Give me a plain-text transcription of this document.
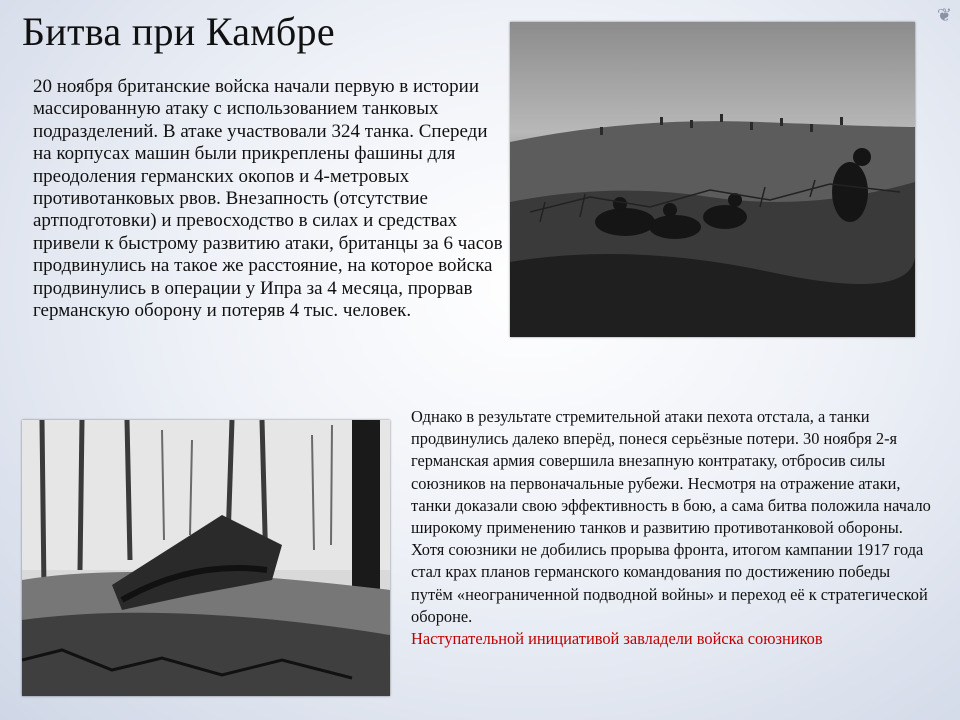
Битва при Камбре	❦

20 ноября британские войска начали первую в истории массированную атаку с использованием танковых подразделений. В атаке участвовали 324 танка. Спереди на корпусах машин были прикреплены фашины для преодоления германских окопов и 4-метровых противотанковых рвов. Внезапность (отсутствие артподготовки) и превосходство в силах и средствах привели к быстрому развитию атаки, британцы за 6 часов продвинулись на такое же расстояние, на которое войска продвинулись в операции у Ипра за 4 месяца, прорвав германскую оборону и потеряв 4 тыс. человек.

Однако в результате стремительной атаки пехота отстала, а танки продвинулись далеко вперёд, понеся серьёзные потери. 30 ноября 2-я германская армия совершила внезапную контратаку, отбросив силы союзников на первоначальные рубежи. Несмотря на отражение атаки, танки доказали свою эффективность в бою, а сама битва положила начало широкому применению танков и развитию противотанковой обороны.

Хотя союзники не добились прорыва фронта, итогом кампании 1917 года стал крах планов германского командования по достижению победы путём «неограниченной подводной войны» и переход её к стратегической обороне.

Наступательной инициативой завладели войска союзников
